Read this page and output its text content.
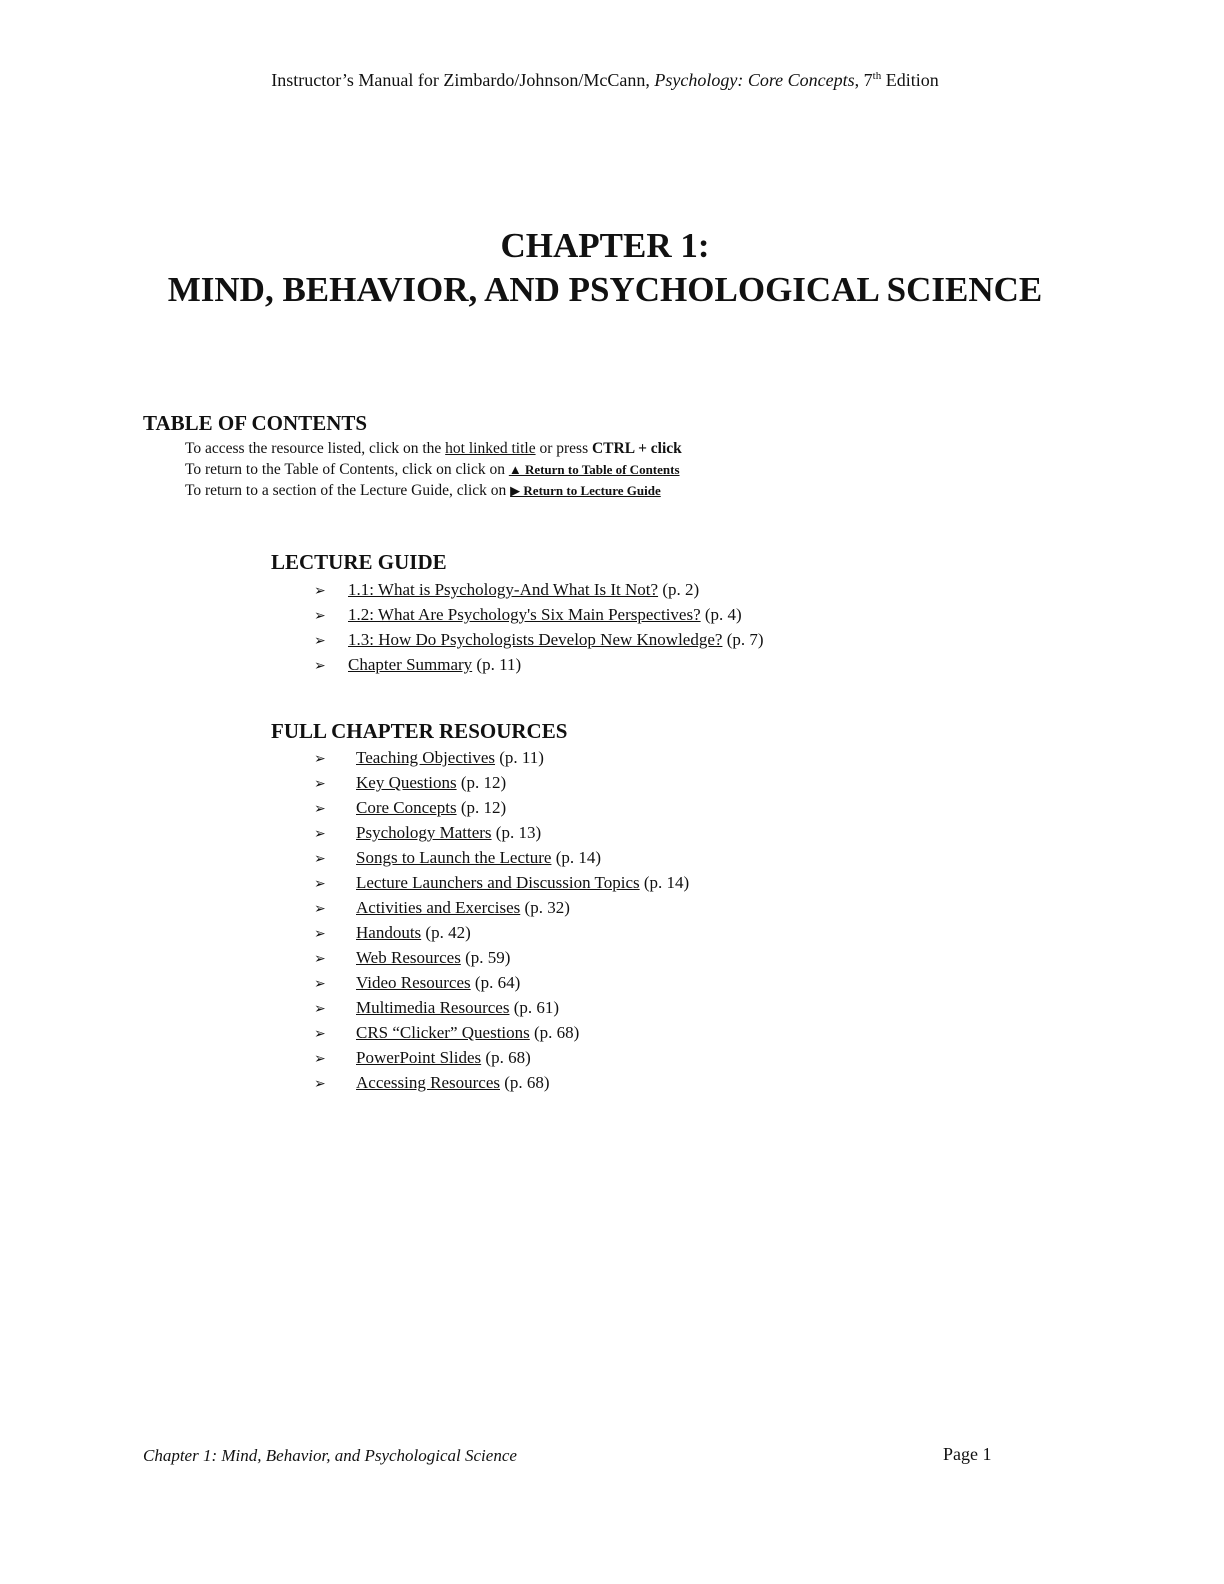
Instructor’s Manual for Zimbardo/Johnson/McCann, Psychology: Core Concepts, 7th Edition
CHAPTER 1:
MIND, BEHAVIOR, AND PSYCHOLOGICAL SCIENCE
TABLE OF CONTENTS
To access the resource listed, click on the hot linked title or press CTRL + click
To return to the Table of Contents, click on click on ▲ Return to Table of Contents
To return to a section of the Lecture Guide, click on ▶ Return to Lecture Guide
LECTURE GUIDE
➢ 1.1: What is Psychology-And What Is It Not? (p. 2)
➢ 1.2: What Are Psychology's Six Main Perspectives? (p. 4)
➢ 1.3: How Do Psychologists Develop New Knowledge? (p. 7)
➢ Chapter Summary (p. 11)
FULL CHAPTER RESOURCES
➢ Teaching Objectives (p. 11)
➢ Key Questions (p. 12)
➢ Core Concepts (p. 12)
➢ Psychology Matters (p. 13)
➢ Songs to Launch the Lecture (p. 14)
➢ Lecture Launchers and Discussion Topics (p. 14)
➢ Activities and Exercises (p. 32)
➢ Handouts (p. 42)
➢ Web Resources (p. 59)
➢ Video Resources (p. 64)
➢ Multimedia Resources (p. 61)
➢ CRS “Clicker” Questions (p. 68)
➢ PowerPoint Slides (p. 68)
➢ Accessing Resources (p. 68)
Chapter 1: Mind, Behavior, and Psychological Science	Page 1
